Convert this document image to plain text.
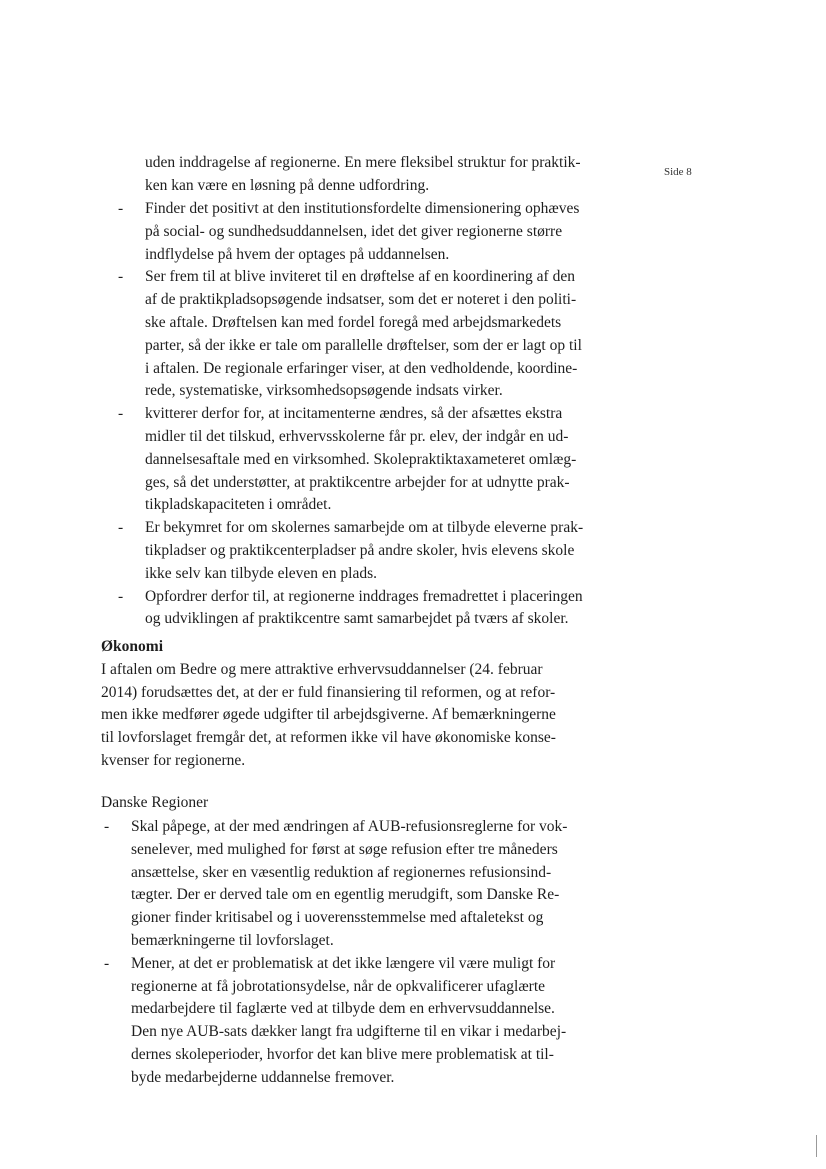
Side 8
uden inddragelse af regionerne. En mere fleksibel struktur for praktik-
ken kan være en løsning på denne udfordring.
- Finder det positivt at den institutionsfordelte dimensionering ophæves
på social- og sundhedsuddannelsen, idet det giver regionerne større
indflydelse på hvem der optages på uddannelsen.
- Ser frem til at blive inviteret til en drøftelse af en koordinering af den
af de praktikpladsopsøgende indsatser, som det er noteret i den politi-
ske aftale. Drøftelsen kan med fordel foregå med arbejdsmarkedets
parter, så der ikke er tale om parallelle drøftelser, som der er lagt op til
i aftalen. De regionale erfaringer viser, at den vedholdende, koordine-
rede, systematiske, virksomhedsopsøgende indsats virker.
- kvitterer derfor for, at incitamenterne ændres, så der afsættes ekstra
midler til det tilskud, erhvervsskolerne får pr. elev, der indgår en ud-
dannelsesaftale med en virksomhed. Skolepraktiktaxameteret omlæg-
ges, så det understøtter, at praktikcentre arbejder for at udnytte prak-
tikpladskapaciteten i området.
- Er bekymret for om skolernes samarbejde om at tilbyde eleverne prak-
tikpladser og praktikcenterpladser på andre skoler, hvis elevens skole
ikke selv kan tilbyde eleven en plads.
- Opfordrer derfor til, at regionerne inddrages fremadrettet i placeringen
og udviklingen af praktikcentre samt samarbejdet på tværs af skoler.
Økonomi
I aftalen om Bedre og mere attraktive erhvervsuddannelser (24. februar
2014) forudsættes det, at der er fuld finansiering til reformen, og at refor-
men ikke medfører øgede udgifter til arbejdsgiverne. Af bemærkningerne
til lovforslaget fremgår det, at reformen ikke vil have økonomiske konse-
kvenser for regionerne.
Danske Regioner
- Skal påpege, at der med ændringen af AUB-refusionsreglerne for vok-
senelever, med mulighed for først at søge refusion efter tre måneders
ansættelse, sker en væsentlig reduktion af regionernes refusionsind-
tægter. Der er derved tale om en egentlig merudgift, som Danske Re-
gioner finder kritisabel og i uoverensstemmelse med aftaletekst og
bemærkningerne til lovforslaget.
- Mener, at det er problematisk at det ikke længere vil være muligt for
regionerne at få jobrotationsydelse, når de opkvalificerer ufaglærte
medarbejdere til faglærte ved at tilbyde dem en erhvervsuddannelse.
Den nye AUB-sats dækker langt fra udgifterne til en vikar i medarbej-
dernes skoleperioder, hvorfor det kan blive mere problematisk at til-
byde medarbejderne uddannelse fremover.
